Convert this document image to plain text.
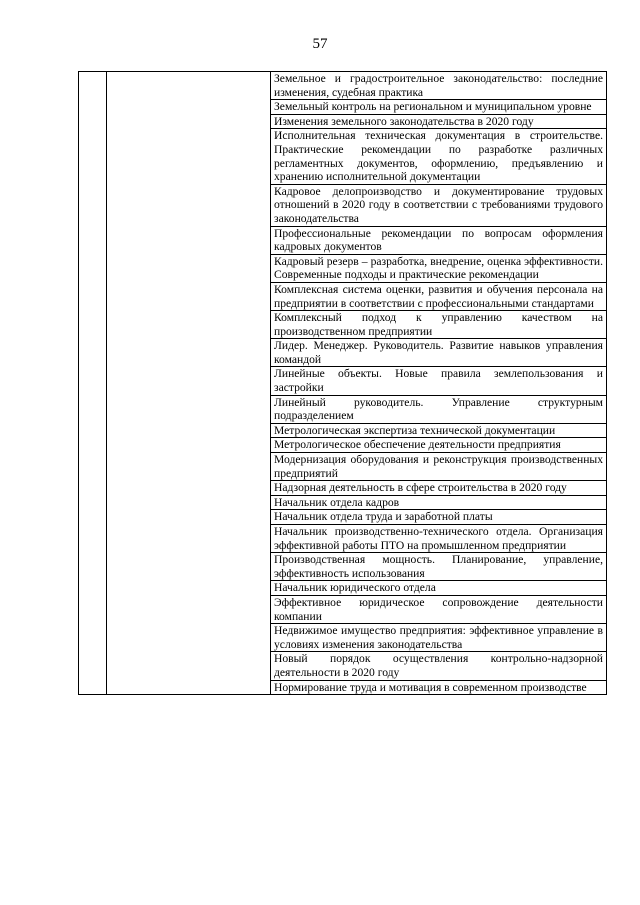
57
		Земельное и градостроительное законодательство: последние изменения, судебная практика
Земельный контроль на региональном и муниципальном уровне
Изменения земельного законодательства в 2020 году
Исполнительная техническая документация в строительстве. Практические рекомендации по разработке различных регламентных документов, оформлению, предъявлению и хранению исполнительной документации
Кадровое делопроизводство и документирование трудовых отношений в 2020 году в соответствии с требованиями трудового законодательства
Профессиональные рекомендации по вопросам оформления кадровых документов
Кадровый резерв – разработка, внедрение, оценка эффективности. Современные подходы и практические рекомендации
Комплексная система оценки, развития и обучения персонала на предприятии в соответствии с профессиональными стандартами
Комплексный подход к управлению качеством на производственном предприятии
Лидер. Менеджер. Руководитель. Развитие навыков управления командой
Линейные объекты. Новые правила землепользования и застройки
Линейный руководитель. Управление структурным подразделением
Метрологическая экспертиза технической документации
Метрологическое обеспечение деятельности предприятия
Модернизация оборудования и реконструкция производственных предприятий
Надзорная деятельность в сфере строительства в 2020 году
Начальник отдела кадров
Начальник отдела труда и заработной платы
Начальник производственно-технического отдела. Организация эффективной работы ПТО на промышленном предприятии
Производственная мощность. Планирование, управление, эффективность использования
Начальник юридического отдела
Эффективное юридическое сопровождение деятельности компании
Недвижимое имущество предприятия: эффективное управление в условиях изменения законодательства
Новый порядок осуществления контрольно-надзорной деятельности в 2020 году
Нормирование труда и мотивация в современном производстве
